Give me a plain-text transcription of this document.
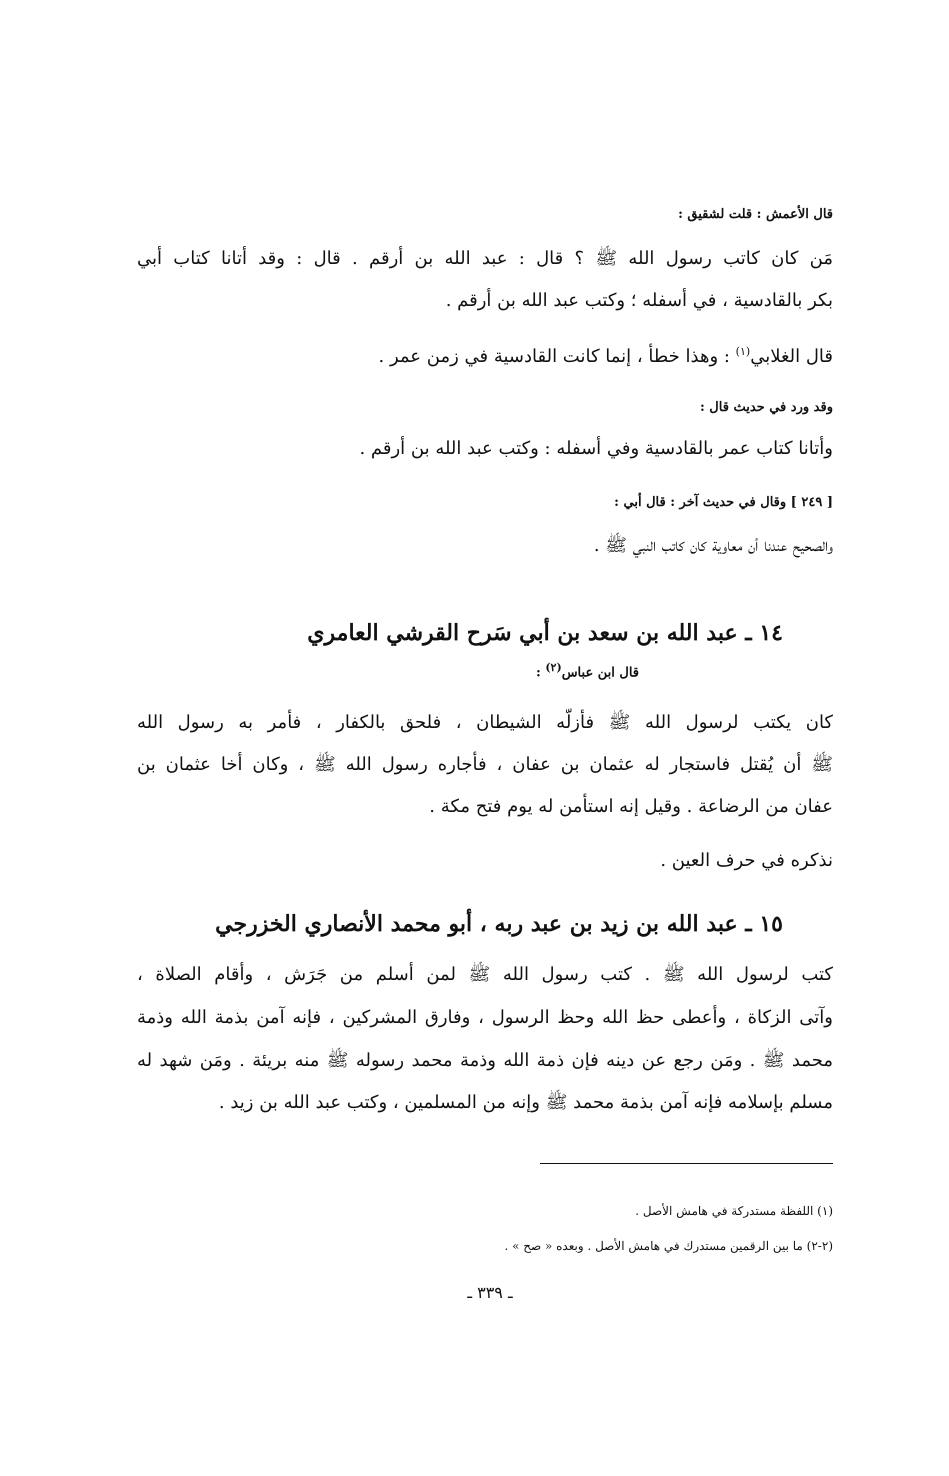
قال الأعمش : قلت لشقيق :
مَن كان كاتب رسول الله ﷺ ؟ قال : عبد الله بن أرقم . قال : وقد أتانا كتاب أبي
بكر بالقادسية ، في أسفله ؛ وكتب عبد الله بن أرقم .
قال الغلابي$^{(١)}$ : وهذا خطأ ، إنما كانت القادسية في زمن عمر .
وقد ورد في حديث قال :
وأتانا كتاب عمر بالقادسية وفي أسفله : وكتب عبد الله بن أرقم .
[ ٢٤٩ ] وقال في حديث آخر : قال أبي :
والصحيح عندنا أن معاوية كان كاتب النبي ﷺ .
١٤ ـ عبد الله بن سعد بن أبي سَرح القرشي العامري
قال ابن عباس$^{(٢)}$ :
كان يكتب لرسول الله ﷺ فأزلّه الشيطان ، فلحق بالكفار ، فأمر به رسول الله
ﷺ أن يُقتل فاستجار له عثمان بن عفان ، فأجاره رسول الله ﷺ ، وكان أخا عثمان بن
عفان من الرضاعة . وقيل إنه استأمن له يوم فتح مكة .
نذكره في حرف العين .
١٥ ـ عبد الله بن زيد بن عبد ربه ، أبو محمد الأنصاري الخزرجي
كتب لرسول الله ﷺ . كتب رسول الله ﷺ لمن أسلم من جَرَش ، وأقام الصلاة ،
وآتى الزكاة ، وأعطى حظ الله وحظ الرسول ، وفارق المشركين ، فإنه آمن بذمة الله وذمة
محمد ﷺ . ومَن رجع عن دينه فإن ذمة الله وذمة محمد رسوله ﷺ منه بريئة . ومَن شهد له
مسلم بإسلامه فإنه آمن بذمة محمد ﷺ وإنه من المسلمين ، وكتب عبد الله بن زيد .
(١) اللفظة مستدركة في هامش الأصل .
(٢-٢) ما بين الرقمين مستدرك في هامش الأصل . وبعده « صح » .
ـ ٣٣٩ ـ
